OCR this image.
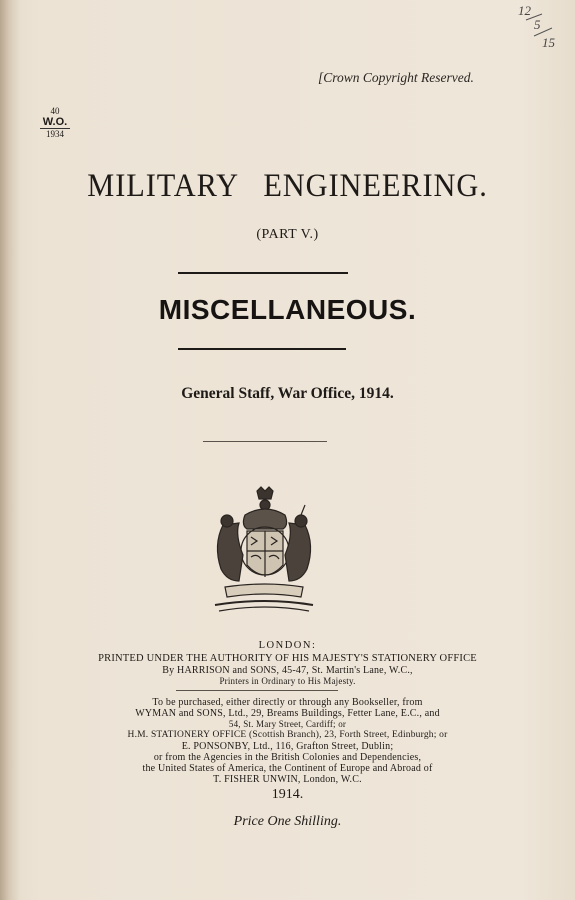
12
5
15
[Crown Copyright Reserved.
40
W.O.
1934
MILITARY   ENGINEERING.
(PART V.)
MISCELLANEOUS.
General Staff, War Office, 1914.
LONDON:
PRINTED UNDER THE AUTHORITY OF HIS MAJESTY'S STATIONERY OFFICE
By HARRISON and SONS, 45-47, St. Martin's Lane, W.C.,
Printers in Ordinary to His Majesty.
To be purchased, either directly or through any Bookseller, from
WYMAN and SONS, Ltd., 29, Breams Buildings, Fetter Lane, E.C., and
54, St. Mary Street, Cardiff; or
H.M. STATIONERY OFFICE (Scottish Branch), 23, Forth Street, Edinburgh; or
E. PONSONBY, Ltd., 116, Grafton Street, Dublin;
or from the Agencies in the British Colonies and Dependencies,
the United States of America, the Continent of Europe and Abroad of
T. FISHER UNWIN, London, W.C.
1914.
Price One Shilling.
